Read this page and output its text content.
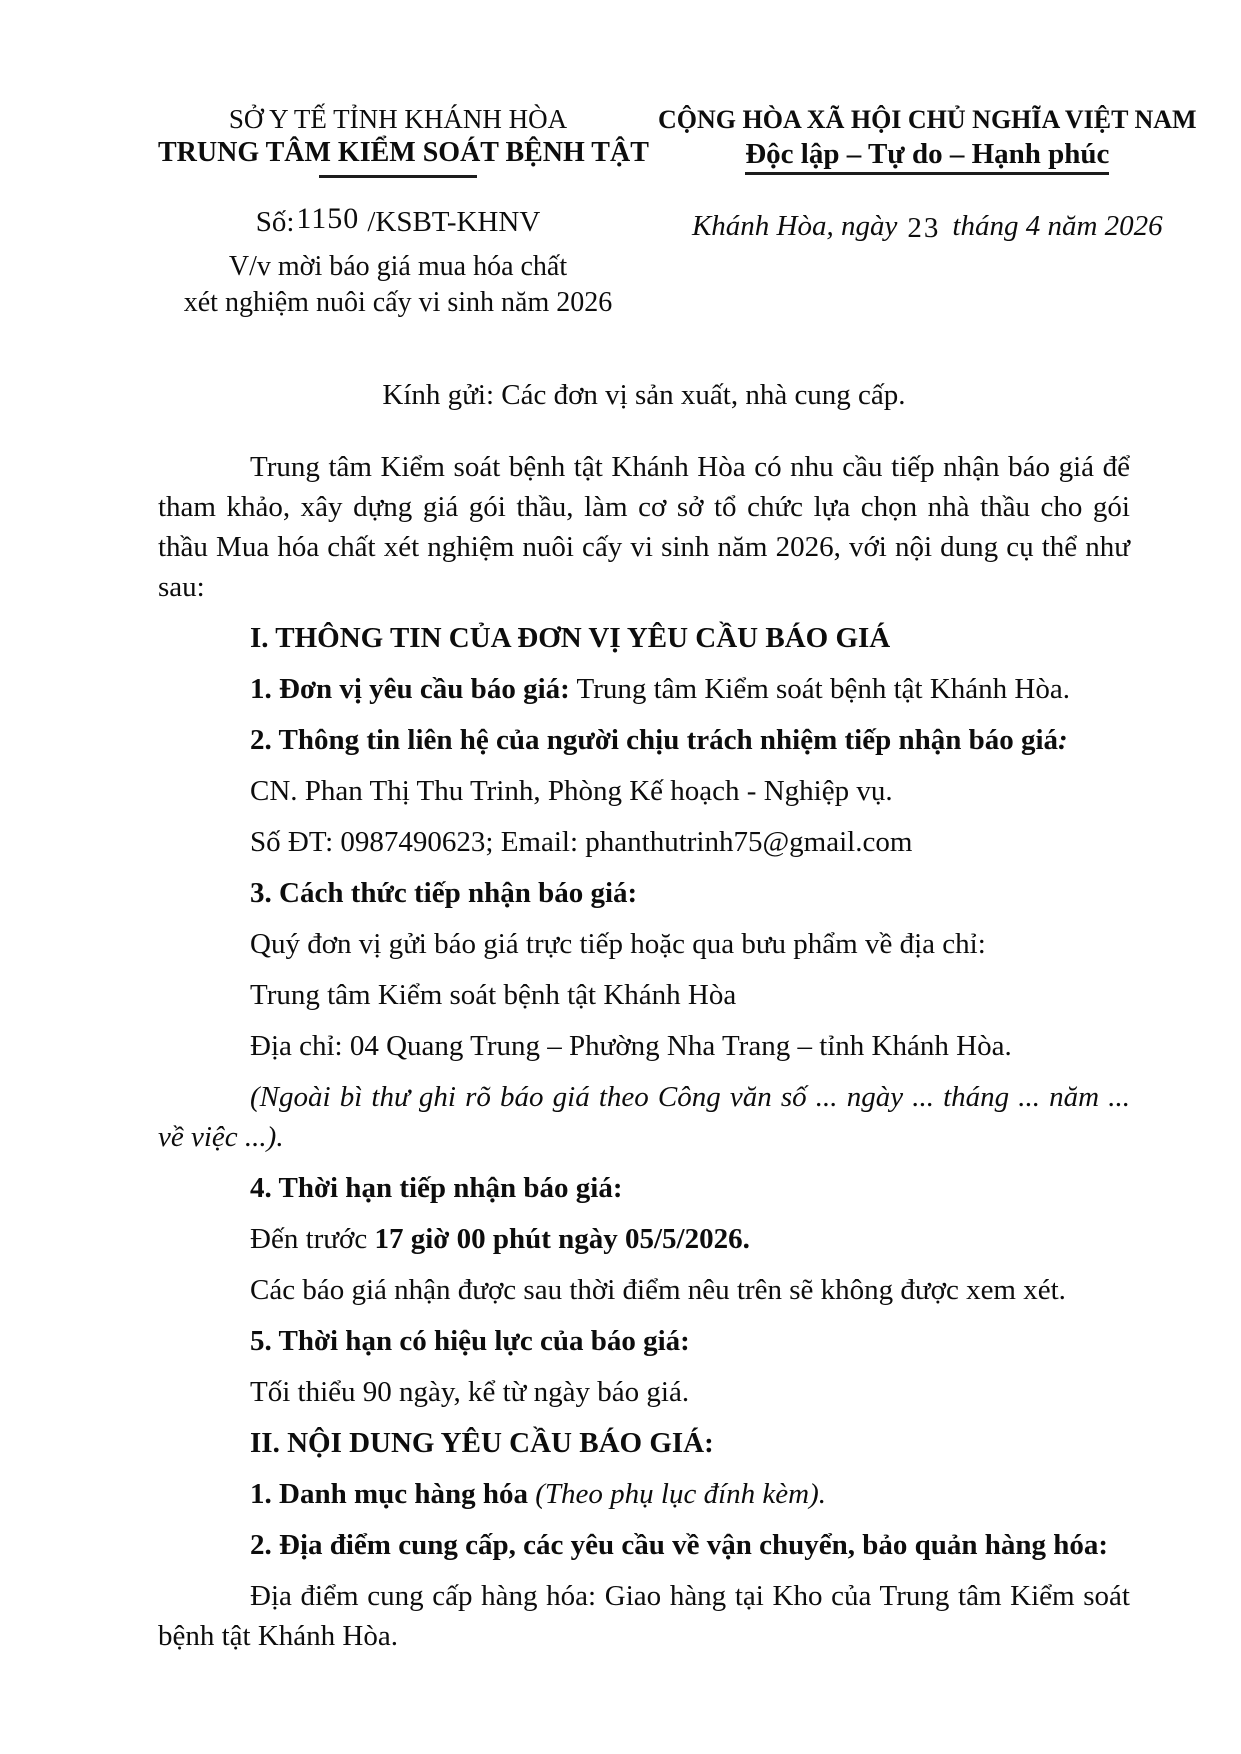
SỞ Y TẾ TỈNH KHÁNH HÒA
TRUNG TÂM KIỂM SOÁT BỆNH TẬT
Số:1150 /KSBT-KHNV
V/v mời báo giá mua hóa chất
xét nghiệm nuôi cấy vi sinh năm 2026
CỘNG HÒA XÃ HỘI CHỦ NGHĨA VIỆT NAM
Độc lập – Tự do – Hạnh phúc
Khánh Hòa, ngày 23 tháng 4 năm 2026

Kính gửi: Các đơn vị sản xuất, nhà cung cấp.

Trung tâm Kiểm soát bệnh tật Khánh Hòa có nhu cầu tiếp nhận báo giá để tham khảo, xây dựng giá gói thầu, làm cơ sở tổ chức lựa chọn nhà thầu cho gói thầu Mua hóa chất xét nghiệm nuôi cấy vi sinh năm 2026, với nội dung cụ thể như sau:

I. THÔNG TIN CỦA ĐƠN VỊ YÊU CẦU BÁO GIÁ

1. Đơn vị yêu cầu báo giá: Trung tâm Kiểm soát bệnh tật Khánh Hòa.

2. Thông tin liên hệ của người chịu trách nhiệm tiếp nhận báo giá:

CN. Phan Thị Thu Trinh, Phòng Kế hoạch - Nghiệp vụ.

Số ĐT: 0987490623; Email: phanthutrinh75@gmail.com

3. Cách thức tiếp nhận báo giá:

Quý đơn vị gửi báo giá trực tiếp hoặc qua bưu phẩm về địa chỉ:

Trung tâm Kiểm soát bệnh tật Khánh Hòa

Địa chỉ: 04 Quang Trung – Phường Nha Trang – tỉnh Khánh Hòa.

(Ngoài bì thư ghi rõ báo giá theo Công văn số ... ngày ... tháng ... năm ... về việc ...).

4. Thời hạn tiếp nhận báo giá:

Đến trước 17 giờ 00 phút ngày 05/5/2026.

Các báo giá nhận được sau thời điểm nêu trên sẽ không được xem xét.

5. Thời hạn có hiệu lực của báo giá:

Tối thiểu 90 ngày, kể từ ngày báo giá.

II. NỘI DUNG YÊU CẦU BÁO GIÁ:

1. Danh mục hàng hóa (Theo phụ lục đính kèm).

2. Địa điểm cung cấp, các yêu cầu về vận chuyển, bảo quản hàng hóa:

Địa điểm cung cấp hàng hóa: Giao hàng tại Kho của Trung tâm Kiểm soát bệnh tật Khánh Hòa.
